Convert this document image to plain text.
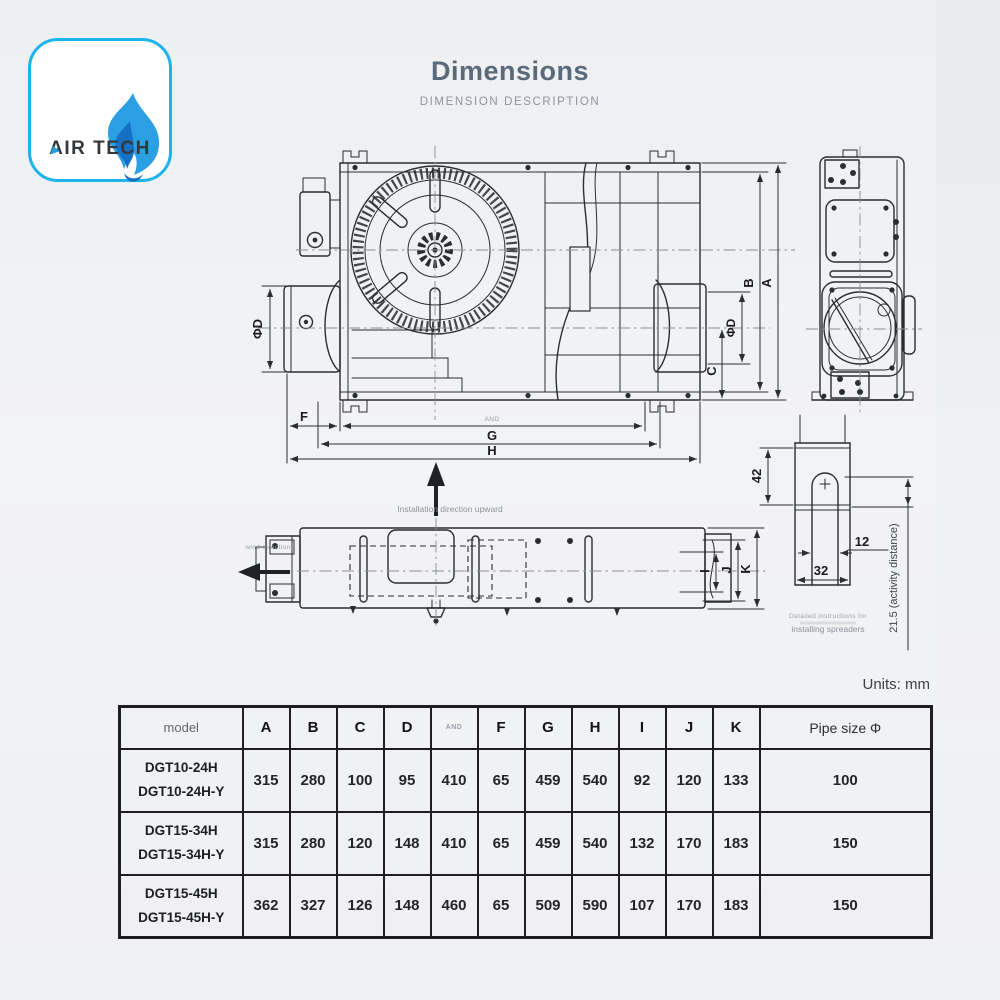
AIR TECH
Dimensions
DIMENSION DESCRIPTION
ΦD
F	AND
G
H
ΦD
C
B A
Installation direction upward
wind direction
I J K
42
32
12 21.5 (activity distance)
Detailed instructions for
installing spreaders
Units: mm
model	A	B	C	D	AND	F	G	H	I	J	K	Pipe size Φ

DGT10-24H
DGT10-24H-Y	315	280	100	95	410	65	459	540	92	120	133	100

DGT15-34H
DGT15-34H-Y	315	280	120	148	410	65	459	540	132	170	183	150

DGT15-45H
DGT15-45H-Y	362	327	126	148	460	65	509	590	107	170	183	150
